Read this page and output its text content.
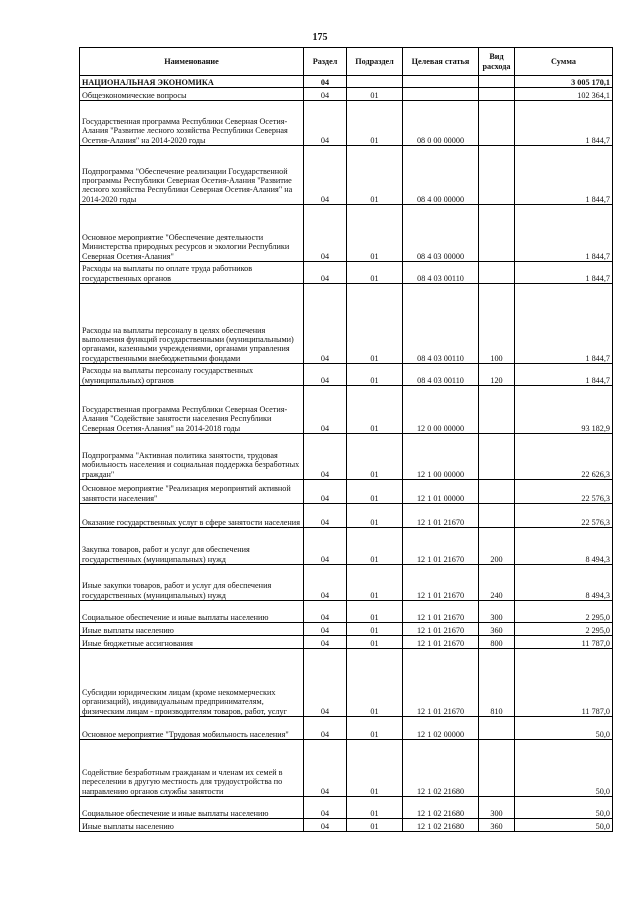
175
Наименование	Раздел	Подраздел	Целевая статья	Вид расхода	Сумма
НАЦИОНАЛЬНАЯ ЭКОНОМИКА	04				3 005 170,1
Общеэкономические вопросы	04	01			102 364,1
Государственная программа Республики Северная Осетия-Алания "Развитие лесного хозяйства Республики Северная Осетия-Алания" на 2014-2020 годы	04	01	08 0 00 00000		1 844,7
Подпрограмма "Обеспечение реализации Государственной программы Республики Северная Осетия-Алания "Развитие лесного хозяйства Республики Северная Осетия-Алания" на 2014-2020 годы	04	01	08 4 00 00000		1 844,7
Основное мероприятие "Обеспечение деятельности Министерства природных ресурсов и экологии Республики Северная Осетия-Алания"	04	01	08 4 03 00000		1 844,7
Расходы на выплаты по оплате труда работников государственных органов	04	01	08 4 03 00110		1 844,7
Расходы на выплаты персоналу в целях обеспечения выполнения функций государственными (муниципальными) органами, казенными учреждениями, органами управления государственными внебюджетными фондами	04	01	08 4 03 00110	100	1 844,7
Расходы на выплаты персоналу государственных (муниципальных) органов	04	01	08 4 03 00110	120	1 844,7
Государственная программа Республики Северная Осетия-Алания "Содействие занятости населения Республики Северная Осетия-Алания" на 2014-2018 годы	04	01	12 0 00 00000		93 182,9
Подпрограмма "Активная политика занятости, трудовая мобильность населения и социальная поддержка безработных граждан"	04	01	12 1 00 00000		22 626,3
Основное мероприятие "Реализация мероприятий активной занятости населения"	04	01	12 1 01 00000		22 576,3
Оказание государственных услуг в сфере занятости населения	04	01	12 1 01 21670		22 576,3
Закупка товаров, работ и услуг для обеспечения государственных (муниципальных) нужд	04	01	12 1 01 21670	200	8 494,3
Иные закупки товаров, работ и услуг для обеспечения государственных (муниципальных) нужд	04	01	12 1 01 21670	240	8 494,3
Социальное обеспечение и иные выплаты населению	04	01	12 1 01 21670	300	2 295,0
Иные выплаты населению	04	01	12 1 01 21670	360	2 295,0
Иные бюджетные ассигнования	04	01	12 1 01 21670	800	11 787,0
Субсидии юридическим лицам (кроме некоммерческих организаций), индивидуальным предпринимателям, физическим лицам - производителям товаров, работ, услуг	04	01	12 1 01 21670	810	11 787,0
Основное мероприятие "Трудовая мобильность населения"	04	01	12 1 02 00000		50,0
Содействие безработным гражданам и членам их семей в переселении в другую местность для трудоустройства по направлению органов службы занятости	04	01	12 1 02 21680		50,0
Социальное обеспечение и иные выплаты населению	04	01	12 1 02 21680	300	50,0
Иные выплаты населению	04	01	12 1 02 21680	360	50,0
